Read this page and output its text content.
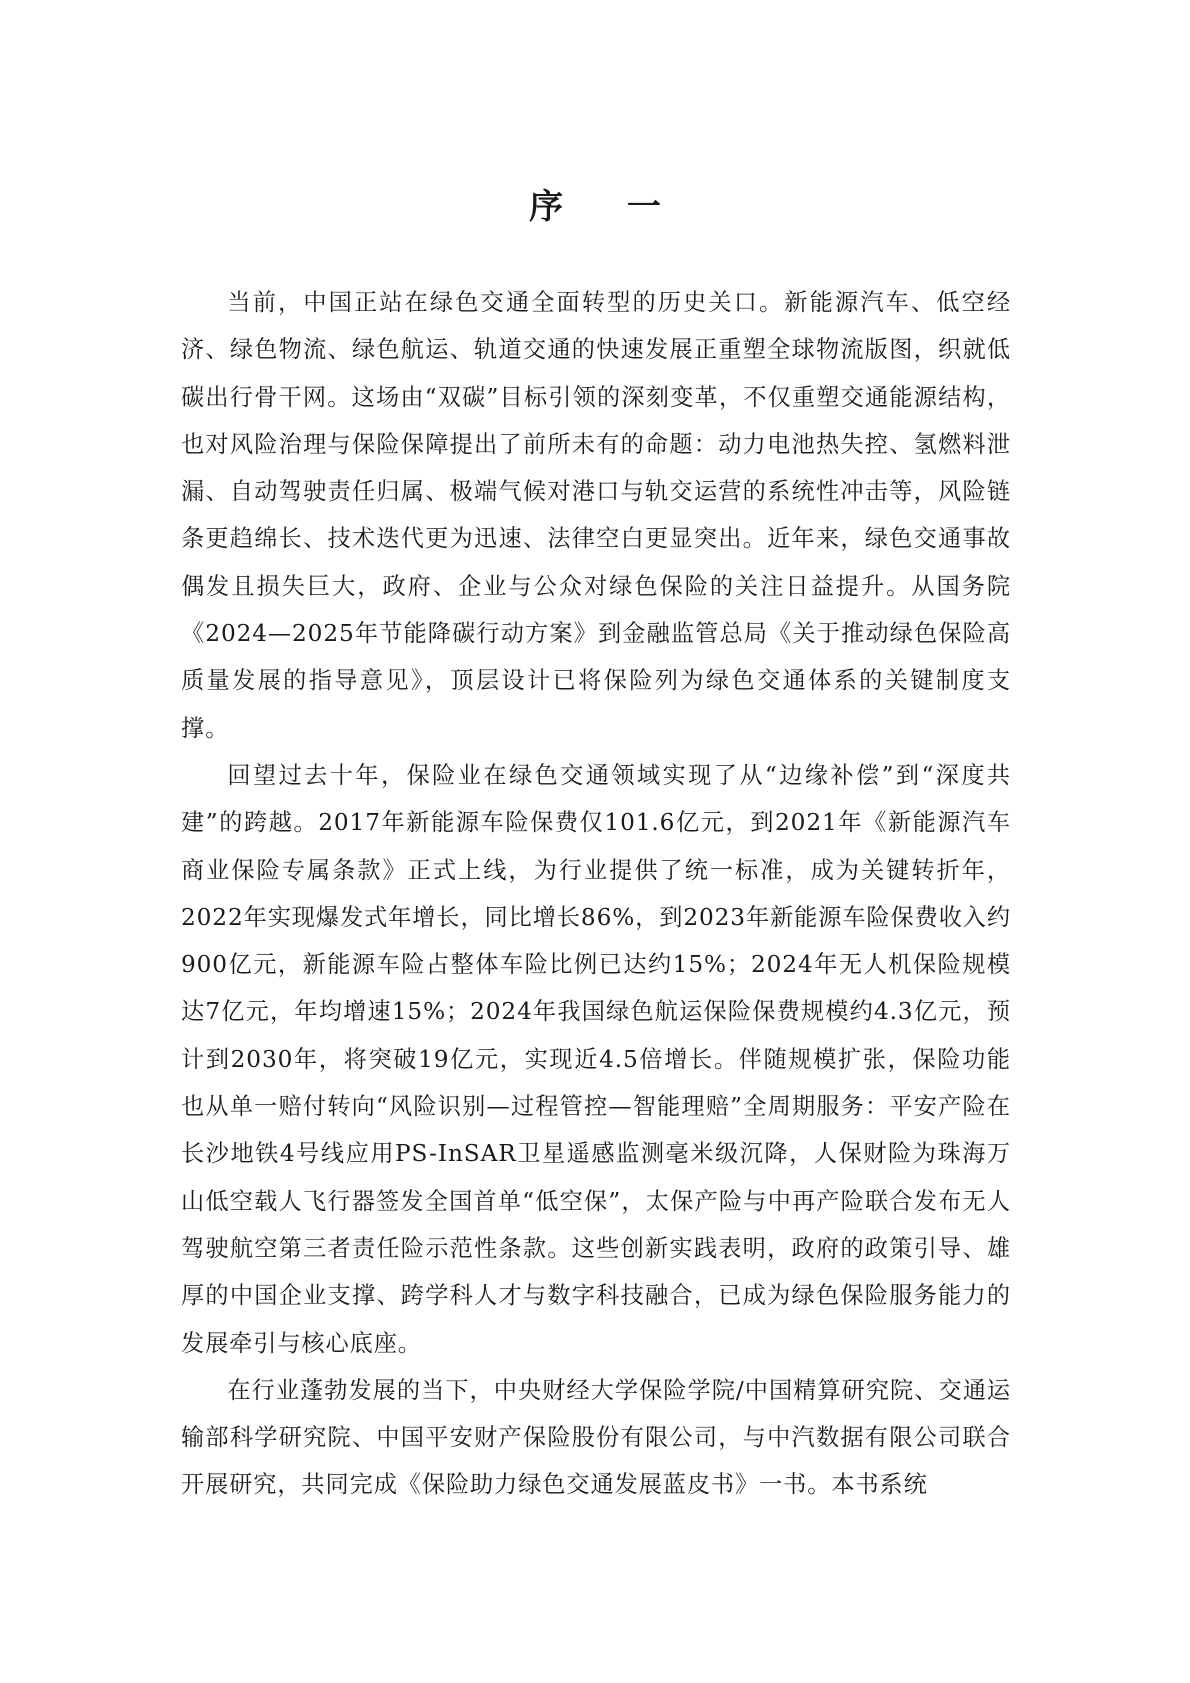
序 一

当前，中国正站在绿色交通全面转型的历史关口。新能源汽车、低空经济、绿色物流、绿色航运、轨道交通的快速发展正重塑全球物流版图，织就低碳出行骨干网。这场由“双碳”目标引领的深刻变革，不仅重塑交通能源结构，也对风险治理与保险保障提出了前所未有的命题：动力电池热失控、氢燃料泄漏、自动驾驶责任归属、极端气候对港口与轨交运营的系统性冲击等，风险链条更趋绵长、技术迭代更为迅速、法律空白更显突出。近年来，绿色交通事故偶发且损失巨大，政府、企业与公众对绿色保险的关注日益提升。从国务院《2024—2025年节能降碳行动方案》到金融监管总局《关于推动绿色保险高质量发展的指导意见》，顶层设计已将保险列为绿色交通体系的关键制度支撑。

回望过去十年，保险业在绿色交通领域实现了从“边缘补偿”到“深度共建”的跨越。2017年新能源车险保费仅101.6亿元，到2021年《新能源汽车商业保险专属条款》正式上线，为行业提供了统一标准，成为关键转折年，2022年实现爆发式年增长，同比增长86%，到2023年新能源车险保费收入约900亿元，新能源车险占整体车险比例已达约15%；2024年无人机保险规模达7亿元，年均增速15%；2024年我国绿色航运保险保费规模约4.3亿元，预计到2030年，将突破19亿元，实现近4.5倍增长。伴随规模扩张，保险功能也从单一赔付转向“风险识别—过程管控—智能理赔”全周期服务：平安产险在长沙地铁4号线应用PS-InSAR卫星遥感监测毫米级沉降，人保财险为珠海万山低空载人飞行器签发全国首单“低空保”，太保产险与中再产险联合发布无人驾驶航空第三者责任险示范性条款。这些创新实践表明，政府的政策引导、雄厚的中国企业支撑、跨学科人才与数字科技融合，已成为绿色保险服务能力的发展牵引与核心底座。

在行业蓬勃发展的当下，中央财经大学保险学院/中国精算研究院、交通运输部科学研究院、中国平安财产保险股份有限公司，与中汽数据有限公司联合开展研究，共同完成《保险助力绿色交通发展蓝皮书》一书。本书系统
